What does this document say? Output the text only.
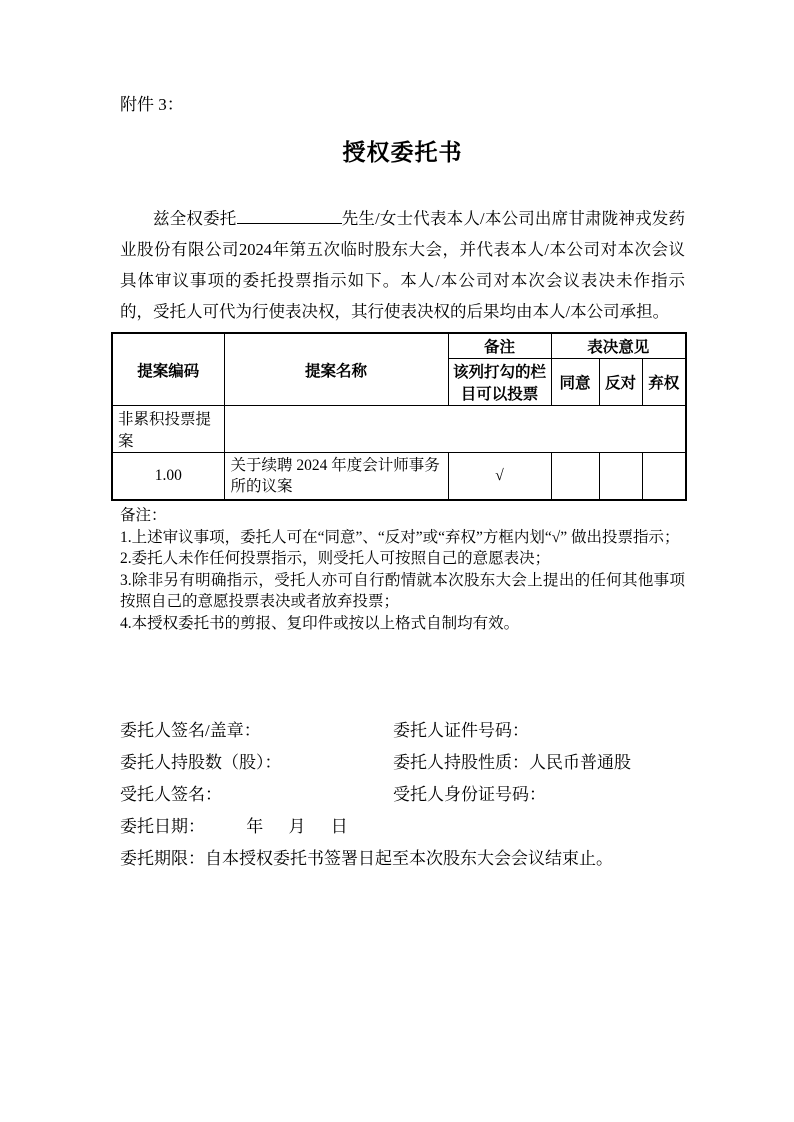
附件 3：
授权委托书

兹全权委托	先生/女士代表本人/本公司出席甘肃陇神戎发药业股份有限公司2024年第五次临时股东大会，并代表本人/本公司对本次会议具体审议事项的委托投票指示如下。本人/本公司对本次会议表决未作指示的，受托人可代为行使表决权，其行使表决权的后果均由本人/本公司承担。

提案编码	提案名称	备注	表决意见		
		该列打勾的栏目可以投票	同意	反对	弃权
非累积投票提案					
1.00	关于续聘 2024 年度会计师事务所的议案	√			
备注：
1.上述审议事项，委托人可在“同意”、“反对”或“弃权”方框内划“√” 做出投票指示；
2.委托人未作任何投票指示，则受托人可按照自己的意愿表决；
3.除非另有明确指示，受托人亦可自行酌情就本次股东大会上提出的任何其他事项按照自己的意愿投票表决或者放弃投票；
4.本授权委托书的剪报、复印件或按以上格式自制均有效。
委托人签名/盖章：	委托人证件号码：
委托人持股数（股）：	委托人持股性质：人民币普通股
受托人签名：	受托人身份证号码：
委托日期： 年 月 日
委托期限：自本授权委托书签署日起至本次股东大会会议结束止。
